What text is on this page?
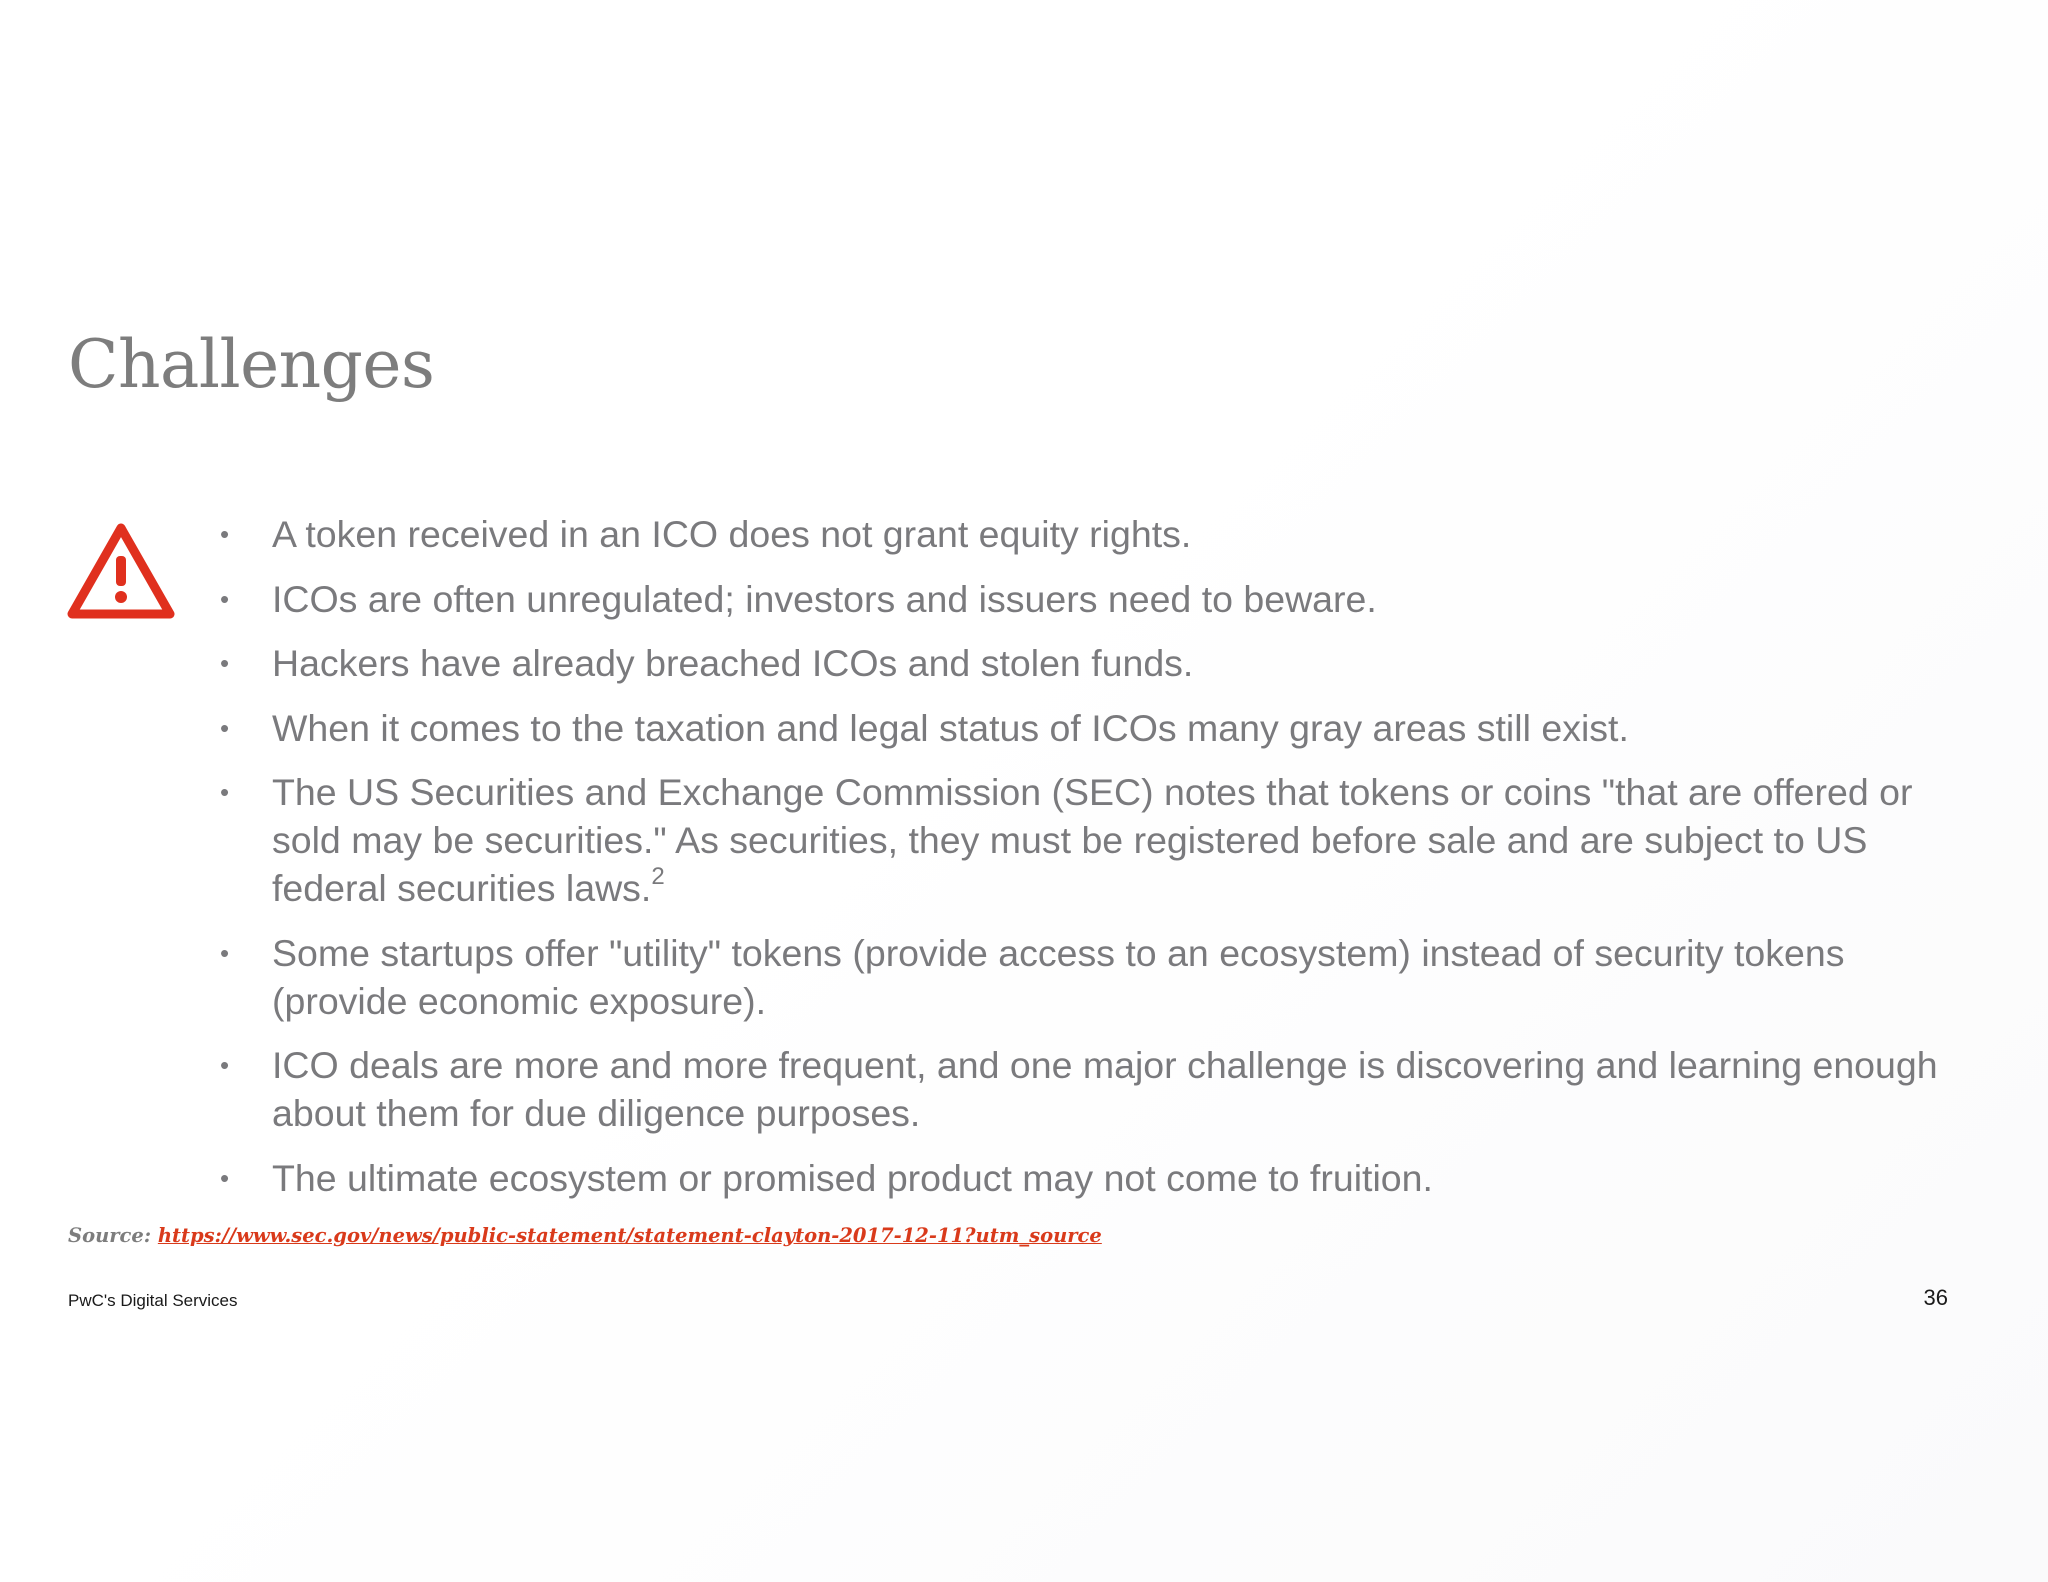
Challenges
• A token received in an ICO does not grant equity rights.
• ICOs are often unregulated; investors and issuers need to beware.
• Hackers have already breached ICOs and stolen funds.
• When it comes to the taxation and legal status of ICOs many gray areas still exist.
• The US Securities and Exchange Commission (SEC) notes that tokens or coins "that are offered or sold may be securities." As securities, they must be registered before sale and are subject to US federal securities laws.$^2$
• Some startups offer "utility" tokens (provide access to an ecosystem) instead of security tokens (provide economic exposure).
• ICO deals are more and more frequent, and one major challenge is discovering and learning enough about them for due diligence purposes.
• The ultimate ecosystem or promised product may not come to fruition.
Source: https://www.sec.gov/news/public-statement/statement-clayton-2017-12-11?utm_source
PwC's Digital Services	36
